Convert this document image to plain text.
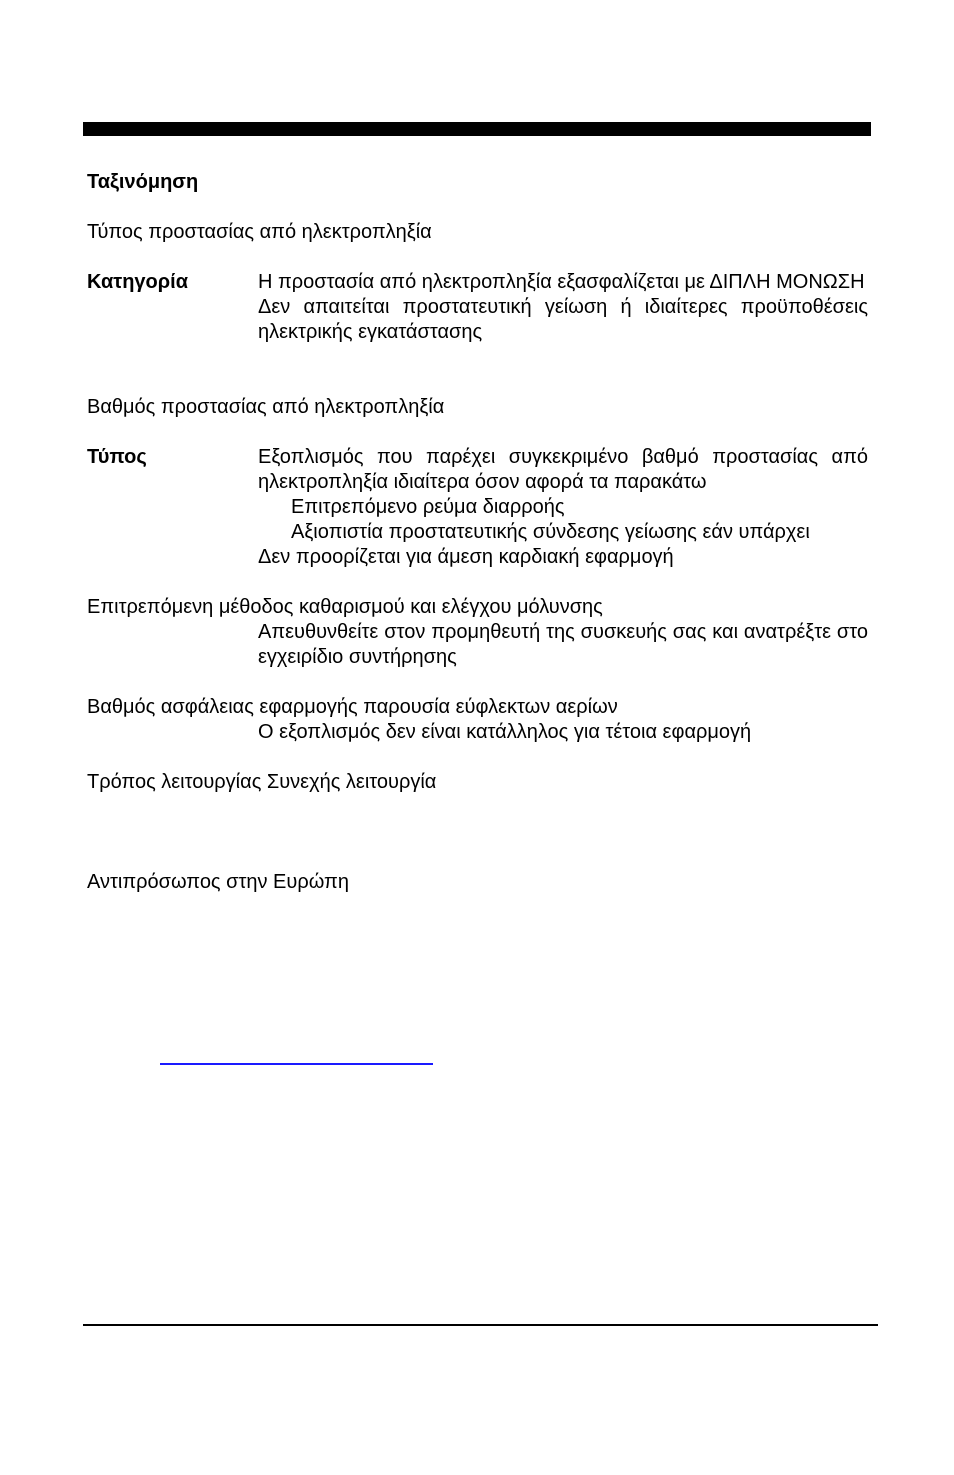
Ταξινόμηση
Τύπος προστασίας από ηλεκτροπληξία
Κατηγορία	Η προστασία από ηλεκτροπληξία εξασφαλίζεται με ΔΙΠΛΗ ΜΟΝΩΣΗ

Δεν απαιτείται προστατευτική γείωση ή ιδιαίτερες προϋποθέσεις ηλεκτρικής εγκατάστασης

Βαθμός προστασίας από ηλεκτροπληξία
Τύπος	Εξοπλισμός που παρέχει συγκεκριμένο βαθμό προστασίας από ηλεκτροπληξία ιδιαίτερα όσον αφορά τα παρακάτω

Επιτρεπόμενο ρεύμα διαρροής

Αξιοπιστία προστατευτικής σύνδεσης γείωσης εάν υπάρχει

Δεν προορίζεται για άμεση καρδιακή εφαρμογή

Επιτρεπόμενη μέθοδος καθαρισμού και ελέγχου μόλυνσης
Απευθυνθείτε στον προμηθευτή της συσκευής σας και ανατρέξτε στο εγχειρίδιο συντήρησης
Βαθμός ασφάλειας εφαρμογής παρουσία εύφλεκτων αερίων
Ο εξοπλισμός δεν είναι κατάλληλος για τέτοια εφαρμογή
Τρόπος λειτουργίας Συνεχής λειτουργία
Αντιπρόσωπος στην Ευρώπη
